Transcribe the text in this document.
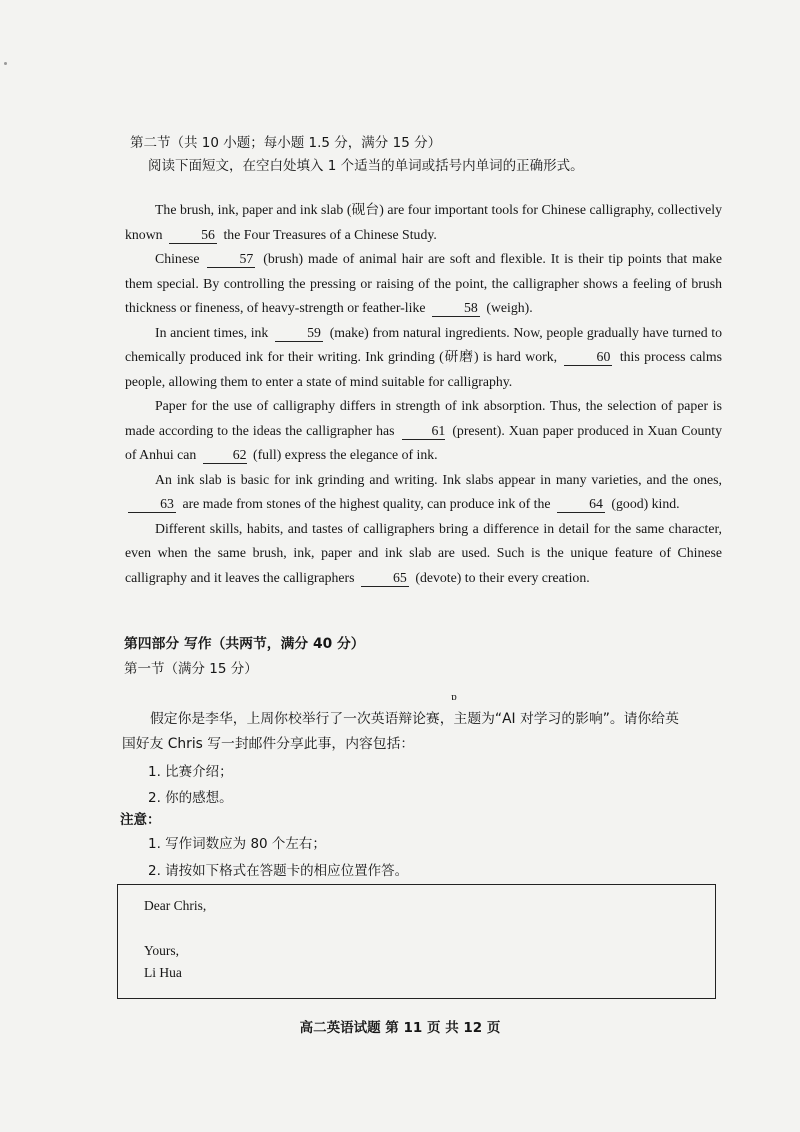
第二节（共 10 小题；每小题 1.5 分，满分 15 分）
阅读下面短文，在空白处填入 1 个适当的单词或括号内单词的正确形式。

The brush, ink, paper and ink slab (砚台) are four important tools for Chinese calligraphy, collectively known	56 the Four Treasures of a Chinese Study.

Chinese	57 (brush) made of animal hair are soft and flexible. It is their tip points that make them special. By controlling the pressing or raising of the point, the calligrapher shows a feeling of brush thickness or fineness, of heavy-strength or feather-like	58 (weigh).

In ancient times, ink	59 (make) from natural ingredients. Now, people gradually have turned to chemically produced ink for their writing. Ink grinding (研磨) is hard work,	60 this process calms people, allowing them to enter a state of mind suitable for calligraphy.

Paper for the use of calligraphy differs in strength of ink absorption. Thus, the selection of paper is made according to the ideas the calligrapher has	61 (present). Xuan paper produced in Xuan County of Anhui can	62 (full) express the elegance of ink.

An ink slab is basic for ink grinding and writing. Ink slabs appear in many varieties, and the ones, 63 are made from stones of the highest quality, can produce ink of the	64 (good) kind.

Different skills, habits, and tastes of calligraphers bring a difference in detail for the same character, even when the same brush, ink, paper and ink slab are used. Such is the unique feature of Chinese calligraphy and it leaves the calligraphers	65 (devote) to their every creation.

第四部分 写作（共两节，满分 40 分）
第一节（满分 15 分）
ɒ

假定你是李华，上周你校举行了一次英语辩论赛，主题为“AI 对学习的影响”。请你给英

国好友 Chris 写一封邮件分享此事，内容包括：

1. 比赛介绍；
2. 你的感想。
注意：
1. 写作词数应为 80 个左右；
2. 请按如下格式在答题卡的相应位置作答。
Dear Chris,
Yours,
Li Hua
高二英语试题 第 11 页 共 12 页
